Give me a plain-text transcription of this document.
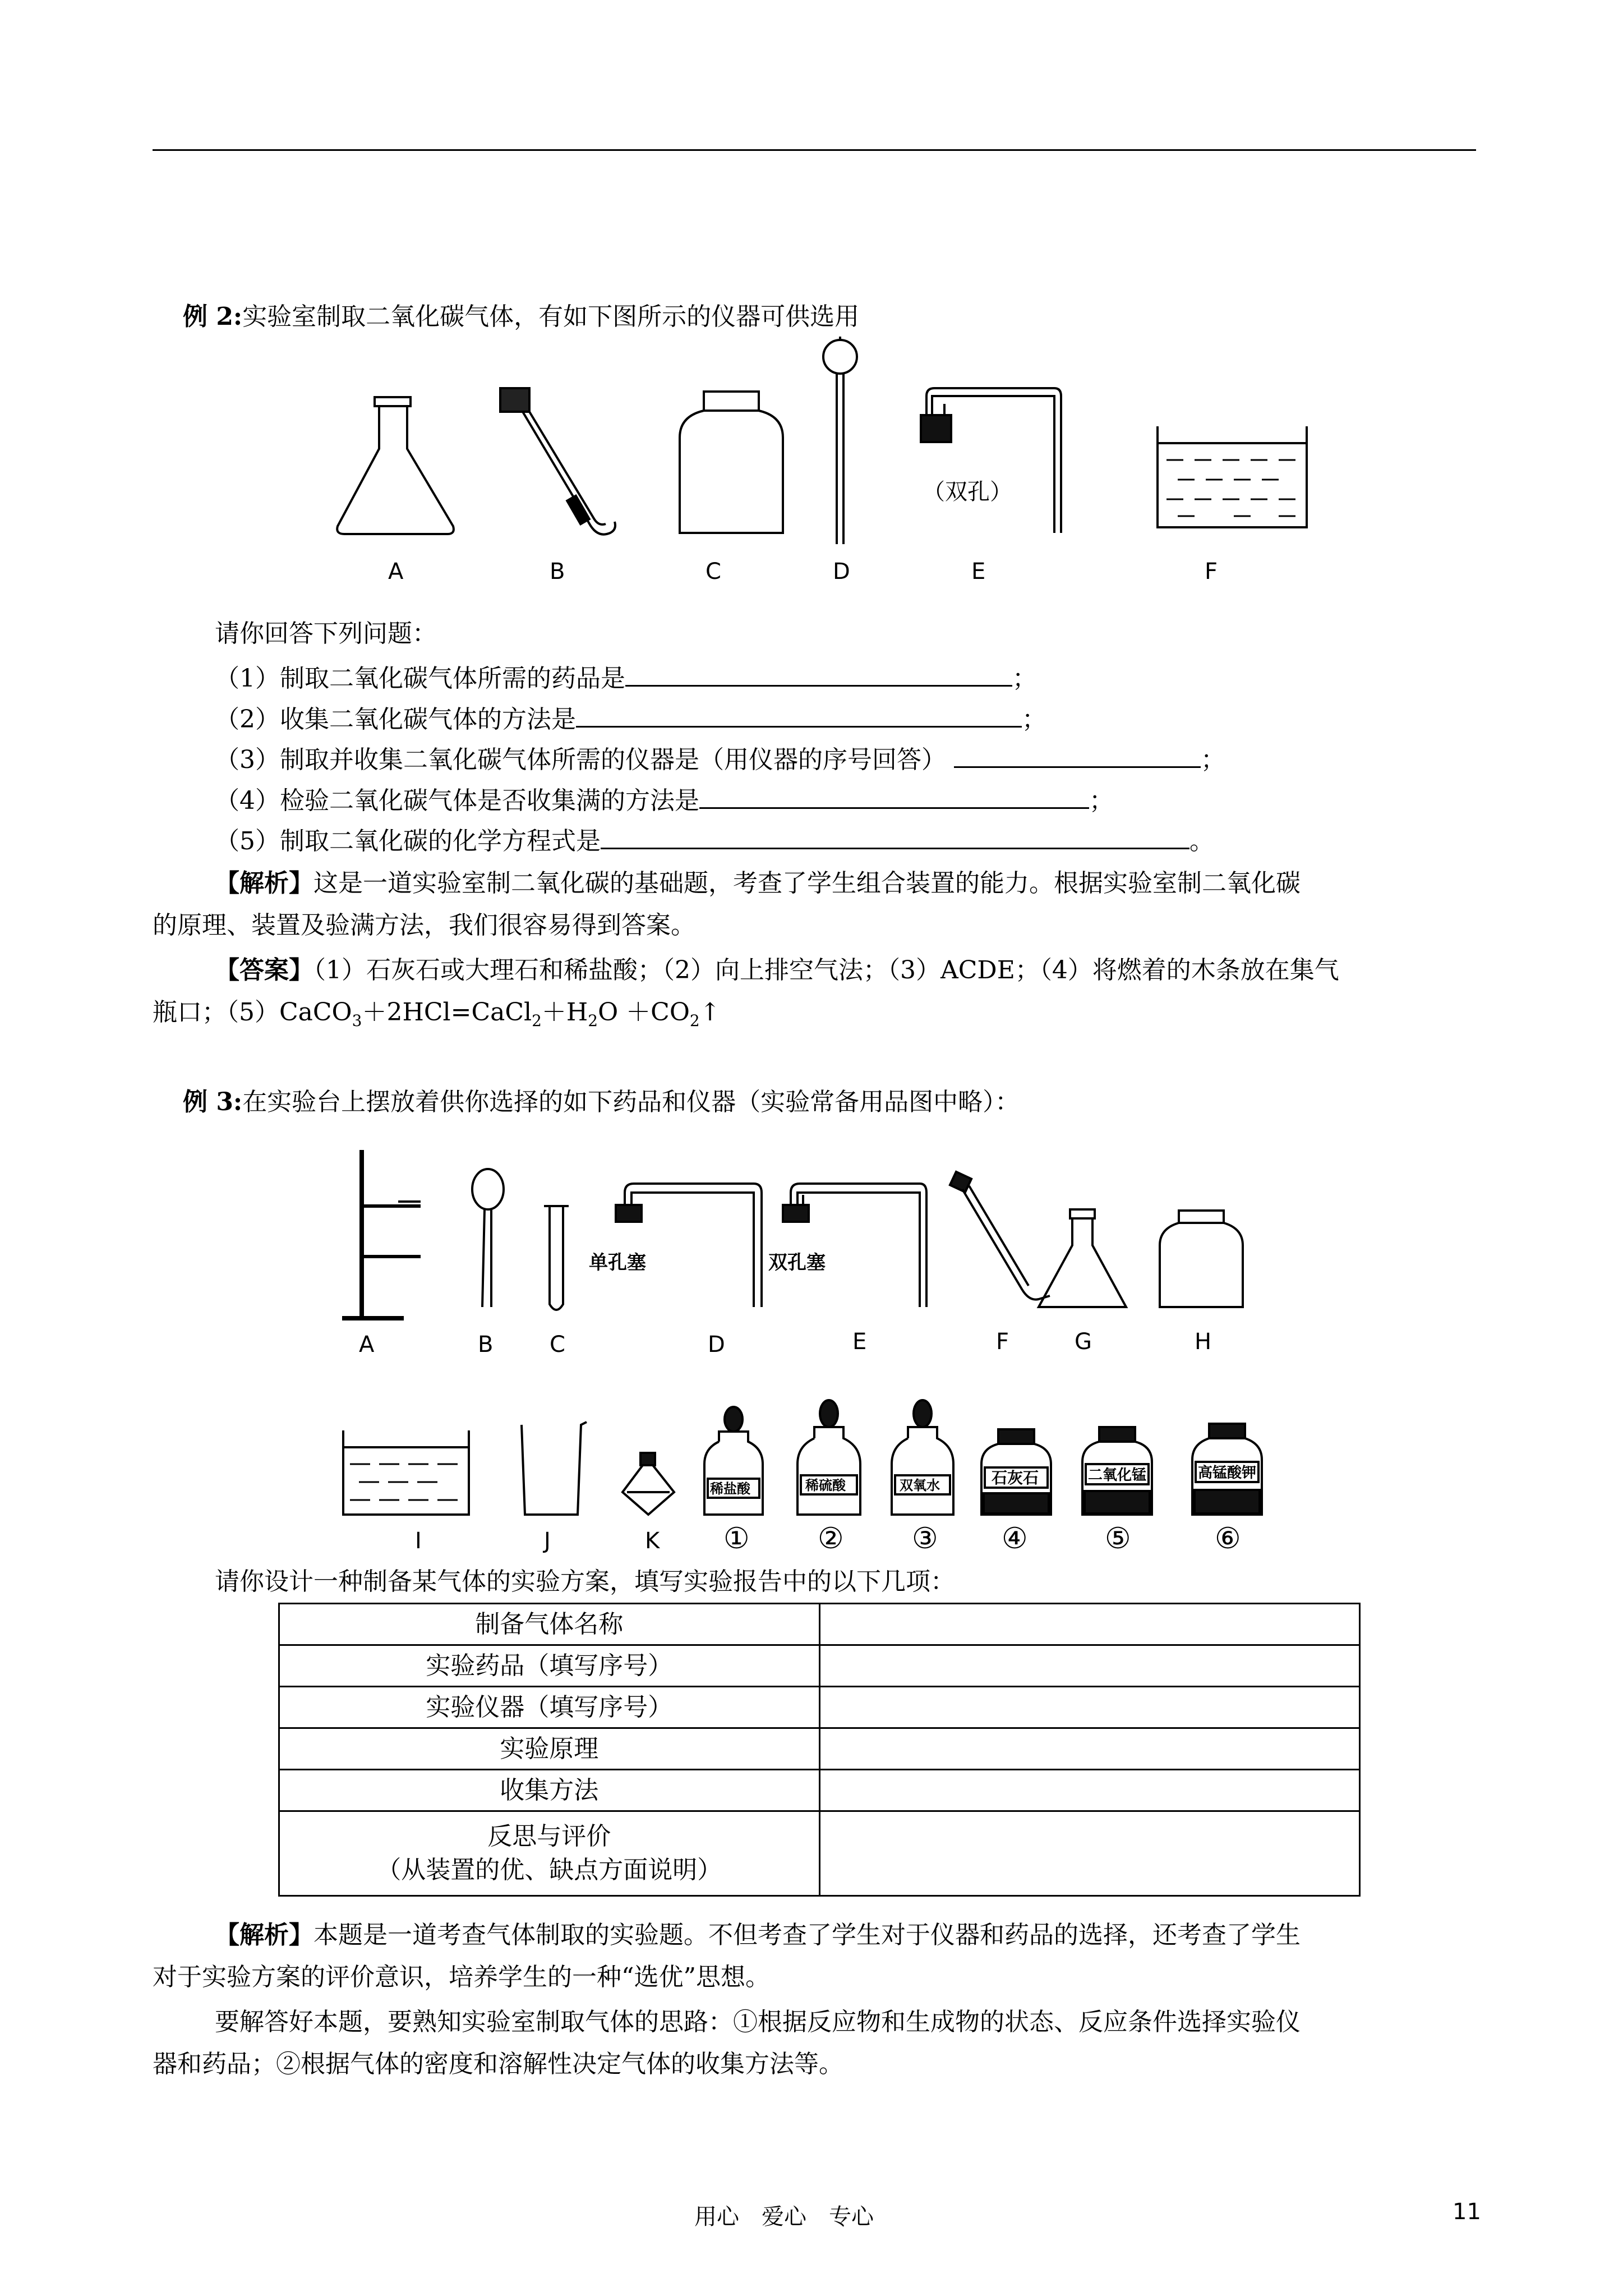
例 2:实验室制取二氧化碳气体，有如下图所示的仪器可供选用
（双孔）
A	B	C	D	E	F
请你回答下列问题：
（1）制取二氧化碳气体所需的药品是	；
（2）收集二氧化碳气体的方法是	；
（3）制取并收集二氧化碳气体所需的仪器是（用仪器的序号回答）	；
（4）检验二氧化碳气体是否收集满的方法是	；
（5）制取二氧化碳的化学方程式是	。
【解析】这是一道实验室制二氧化碳的基础题，考查了学生组合装置的能力。根据实验室制二氧化碳
的原理、装置及验满方法，我们很容易得到答案。
【答案】（1）石灰石或大理石和稀盐酸；（2）向上排空气法；（3）ACDE；（4）将燃着的木条放在集气
瓶口；$(5)CaCO_3+2HCl=CaCl_2+H_2O$ $+CO_2↑$
例 3:在实验台上摆放着供你选择的如下药品和仪器（实验常备用品图中略）：
单孔塞	双孔塞
稀盐酸	稀硫酸	双氧水	石灰石	二氧化锰	高锰酸钾
A	B	C	D	E	F	G	H
I	J	K ① ② ③ ④	⑤	⑥
请你设计一种制备某气体的实验方案，填写实验报告中的以下几项：
制备气体名称	
实验药品（填写序号）	
实验仪器（填写序号）	
实验原理	
收集方法	

反思与评价
（从装置的优、缺点方面说明）	

【解析】本题是一道考查气体制取的实验题。不但考查了学生对于仪器和药品的选择，还考查了学生
对于实验方案的评价意识，培养学生的一种“选优”思想。
要解答好本题，要熟知实验室制取气体的思路：①根据反应物和生成物的状态、反应条件选择实验仪
器和药品；②根据气体的密度和溶解性决定气体的收集方法等。
用心　爱心　专心	11
